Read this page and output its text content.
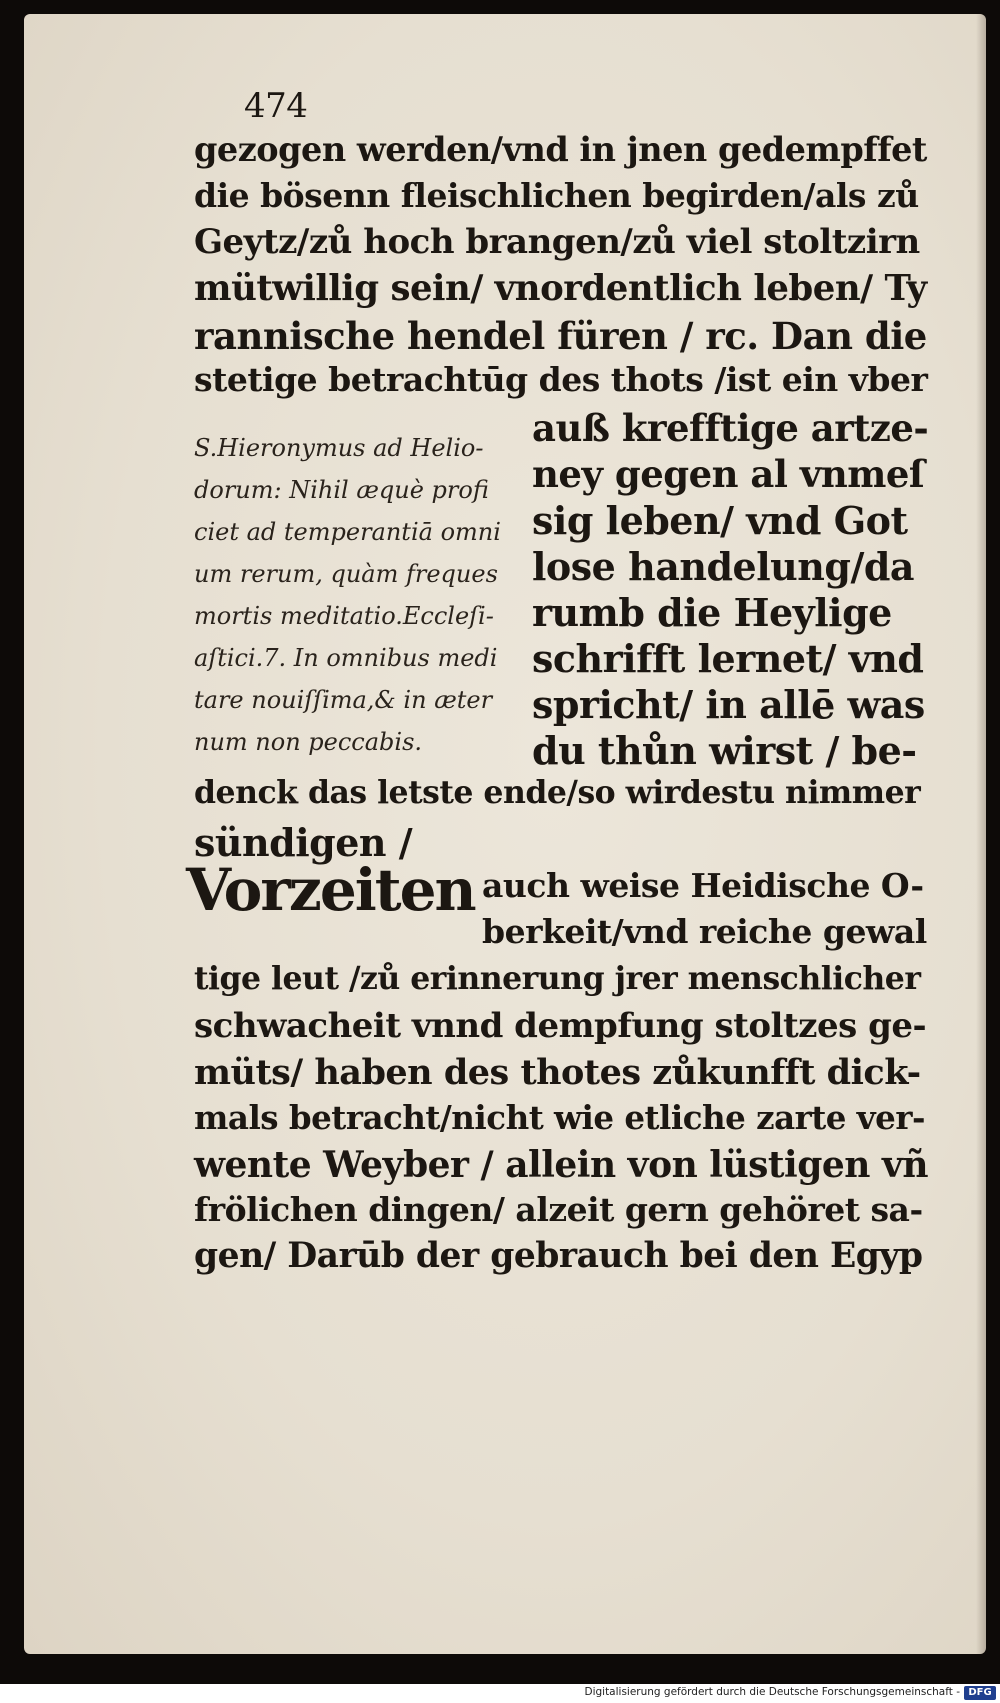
474
gezogen werden/vnd in jnen gedempffet
die bösenn fleischlichen begirden/als zů
Geytz/zů hoch brangen/zů viel stoltzirn
mütwillig sein/ vnordentlich leben/ Ty
rannische hendel füren / rc. Dan die
stetige betrachtūg des thots /ist ein vber
S.Hieronymus ad Helio-
dorum: Nihil æquè profi
ciet ad temperantiā omni
um rerum, quàm freques
mortis meditatio.Eccleſi-
aſtici.7. In omnibus medi
tare nouiſſima,& in æter
num non peccabis.
auß krefftige artze-
ney gegen al vnmeſ
sig leben/ vnd Got
lose handelung/da
rumb die Heylige
schrifft lernet/ vnd
spricht/ in allē was
du thůn wirst / be-
denck das letste ende/so wirdestu nimmer
sündigen /
Vorzeiten auch weise Heidische O-
berkeit/vnd reiche gewal
tige leut /zů erinnerung jrer menschlicher
schwacheit vnnd dempfung stoltzes ge-
müts/ haben des thotes zůkunfft dick-
mals betracht/nicht wie etliche zarte ver-
wente Weyber / allein von lüstigen vñ
frölichen dingen/ alzeit gern gehöret sa-
gen/ Darūb der gebrauch bei den Egyp
Digitalisierung gefördert durch die Deutsche Forschungsgemeinschaft - DFG
